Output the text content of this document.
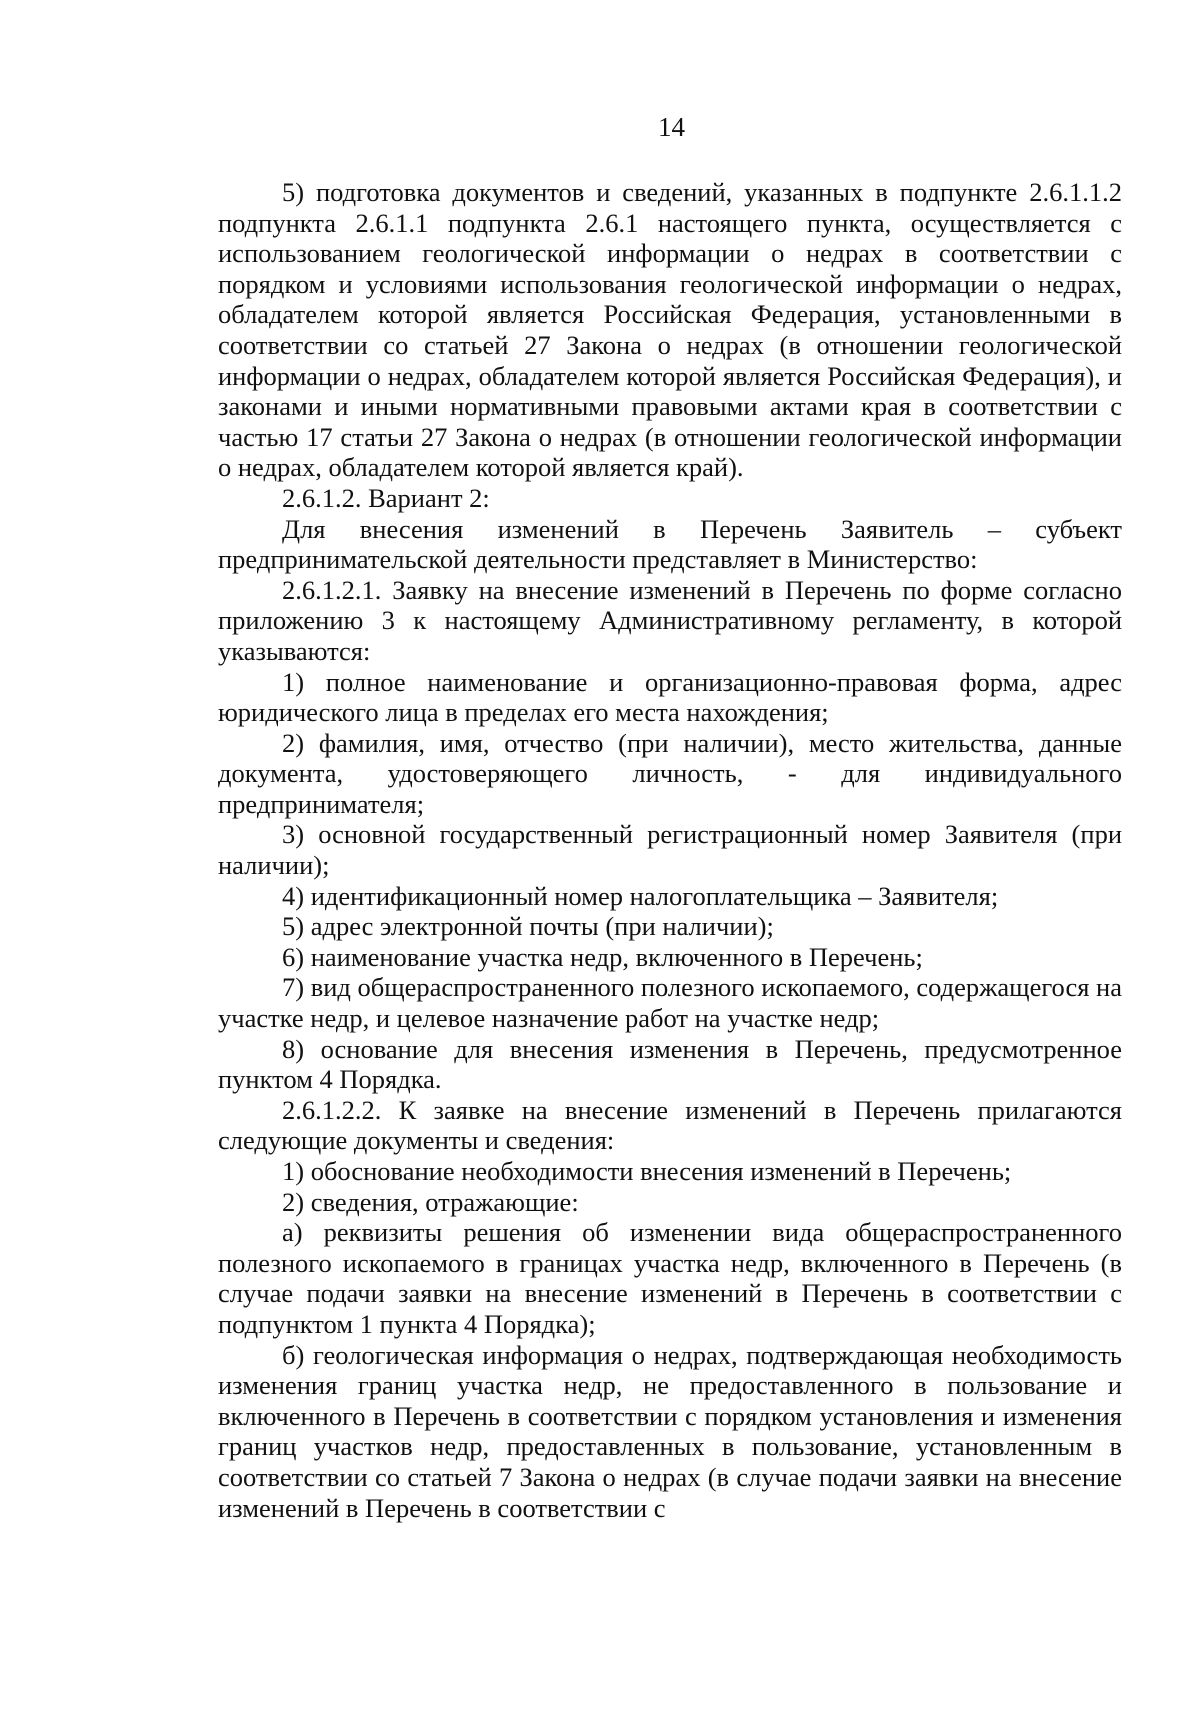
14

5) подготовка документов и сведений, указанных в подпункте 2.6.1.1.2 подпункта 2.6.1.1 подпункта 2.6.1 настоящего пункта, осуществляется с использованием геологической информации о недрах в соответствии с порядком и условиями использования геологической информации о недрах, обладателем которой является Российская Федерация, установленными в соответствии со статьей 27 Закона о недрах (в отношении геологической информации о недрах, обладателем которой является Российская Федерация), и законами и иными нормативными правовыми актами края в соответствии с частью 17 статьи 27 Закона о недрах (в отношении геологической информации о недрах, обладателем которой является край).

2.6.1.2. Вариант 2:

Для внесения изменений в Перечень Заявитель – субъект предпринимательской деятельности представляет в Министерство:

2.6.1.2.1. Заявку на внесение изменений в Перечень по форме согласно приложению 3 к настоящему Административному регламенту, в которой указываются:

1) полное наименование и организационно-правовая форма, адрес юридического лица в пределах его места нахождения;

2) фамилия, имя, отчество (при наличии), место жительства, данные документа, удостоверяющего личность, - для индивидуального предпринимателя;

3) основной государственный регистрационный номер Заявителя (при наличии);

4) идентификационный номер налогоплательщика – Заявителя;

5) адрес электронной почты (при наличии);

6) наименование участка недр, включенного в Перечень;

7) вид общераспространенного полезного ископаемого, содержащегося на участке недр, и целевое назначение работ на участке недр;

8) основание для внесения изменения в Перечень, предусмотренное пунктом 4 Порядка.

2.6.1.2.2. К заявке на внесение изменений в Перечень прилагаются следующие документы и сведения:

1) обоснование необходимости внесения изменений в Перечень;

2) сведения, отражающие:

а) реквизиты решения об изменении вида общераспространенного полезного ископаемого в границах участка недр, включенного в Перечень (в случае подачи заявки на внесение изменений в Перечень в соответствии с подпунктом 1 пункта 4 Порядка);

б) геологическая информация о недрах, подтверждающая необходимость изменения границ участка недр, не предоставленного в пользование и включенного в Перечень в соответствии с порядком установления и изменения границ участков недр, предоставленных в пользование, установленным в соответствии со статьей 7 Закона о недрах (в случае подачи заявки на внесение изменений в Перечень в соответствии с
